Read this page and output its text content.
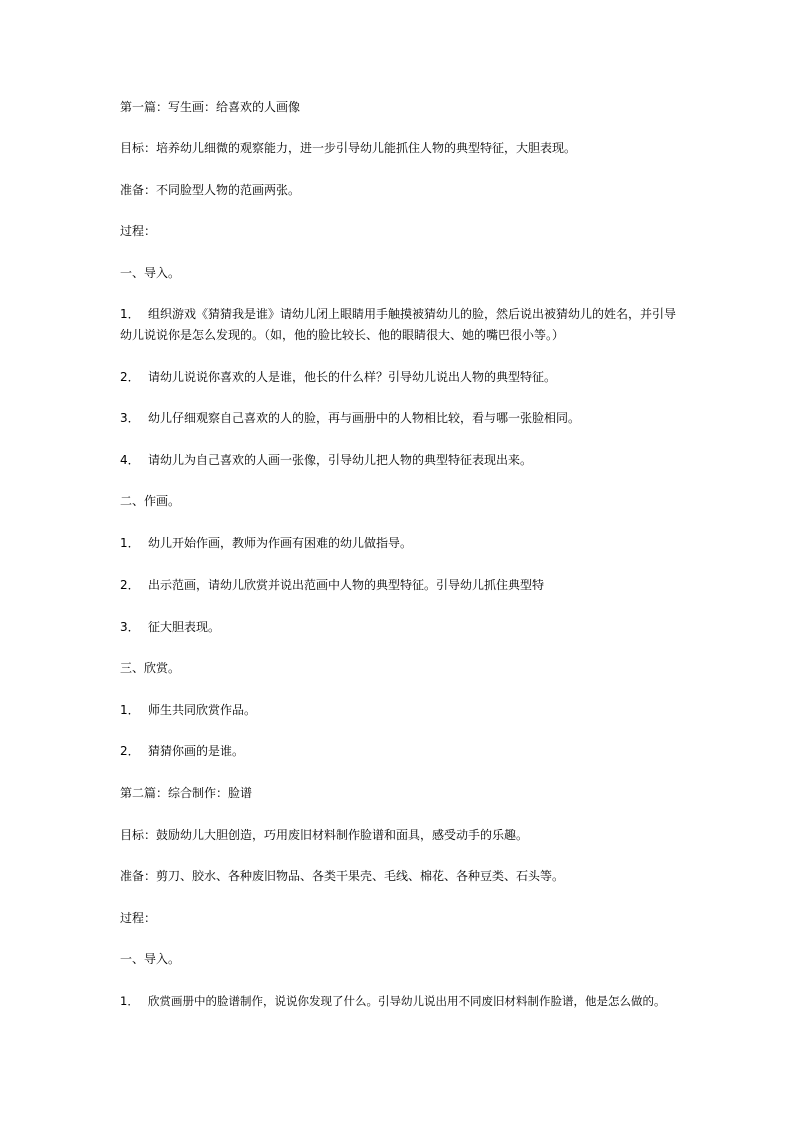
第一篇：写生画：给喜欢的人画像
目标：培养幼儿细微的观察能力，进一步引导幼儿能抓住人物的典型特征，大胆表现。
准备：不同脸型人物的范画两张。
过程：
一、导入。
1． 组织游戏《猜猜我是谁》请幼儿闭上眼睛用手触摸被猜幼儿的脸，然后说出被猜幼儿的姓名，并引导幼儿说说你是怎么发现的。（如，他的脸比较长、他的眼睛很大、她的嘴巴很小等。）
2． 请幼儿说说你喜欢的人是谁，他长的什么样？引导幼儿说出人物的典型特征。
3． 幼儿仔细观察自己喜欢的人的脸，再与画册中的人物相比较，看与哪一张脸相同。
4． 请幼儿为自己喜欢的人画一张像，引导幼儿把人物的典型特征表现出来。
二、作画。
1． 幼儿开始作画，教师为作画有困难的幼儿做指导。
2． 出示范画，请幼儿欣赏并说出范画中人物的典型特征。引导幼儿抓住典型特
3． 征大胆表现。
三、欣赏。
1． 师生共同欣赏作品。
2． 猜猜你画的是谁。
第二篇：综合制作：脸谱
目标：鼓励幼儿大胆创造，巧用废旧材料制作脸谱和面具，感受动手的乐趣。
准备：剪刀、胶水、各种废旧物品、各类干果壳、毛线、棉花、各种豆类、石头等。
过程：
一、导入。
1． 欣赏画册中的脸谱制作，说说你发现了什么。引导幼儿说出用不同废旧材料制作脸谱，他是怎么做的。
